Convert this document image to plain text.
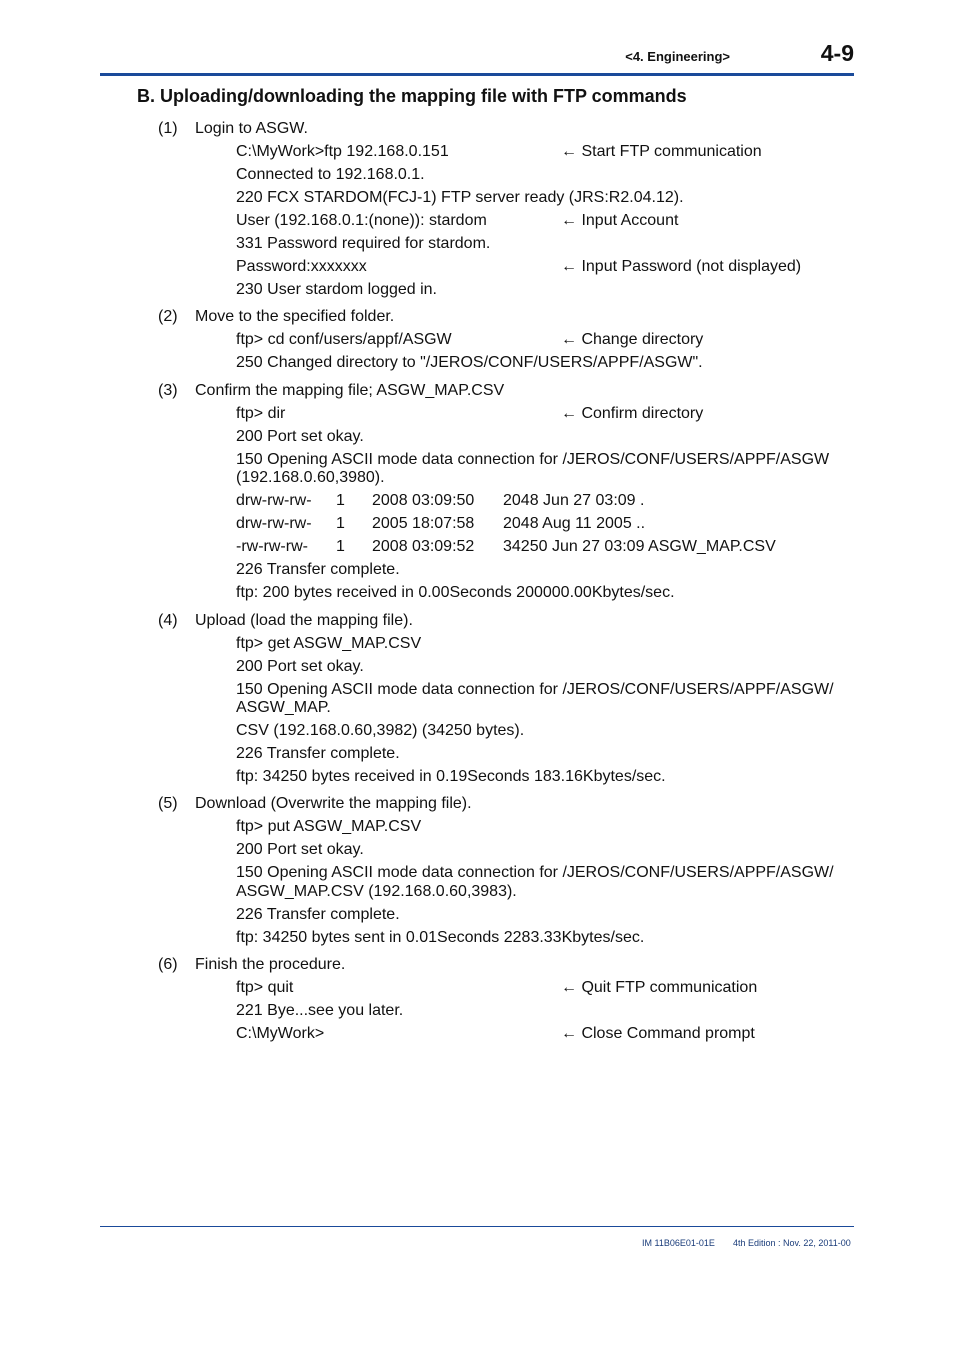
<4. Engineering>	4-9
B. Uploading/downloading the mapping file with FTP commands
(1) Login to ASGW.
C:\MyWork>ftp 192.168.0.151	← Start FTP communication
Connected to 192.168.0.1.
220 FCX STARDOM(FCJ-1) FTP server ready (JRS:R2.04.12).
User (192.168.0.1:(none)): stardom	← Input Account
331 Password required for stardom.
Password:xxxxxxx	← Input Password (not displayed)
230 User stardom logged in.
(2) Move to the specified folder.
ftp> cd conf/users/appf/ASGW	← Change directory
250 Changed directory to "/JEROS/CONF/USERS/APPF/ASGW".
(3) Confirm the mapping file; ASGW_MAP.CSV
ftp> dir	← Confirm directory
200 Port set okay.
150 Opening ASCII mode data connection for /JEROS/CONF/USERS/APPF/ASGW
(192.168.0.60,3980).
drw-rw-rw- 1 2008 03:09:50 2048 Jun 27 03:09 .
drw-rw-rw- 1 2005 18:07:58 2048 Aug 11 2005 ..
-rw-rw-rw- 1 2008 03:09:52 34250 Jun 27 03:09 ASGW_MAP.CSV
226 Transfer complete.
ftp: 200 bytes received in 0.00Seconds 200000.00Kbytes/sec.
(4) Upload (load the mapping file).
ftp> get ASGW_MAP.CSV
200 Port set okay.
150 Opening ASCII mode data connection for /JEROS/CONF/USERS/APPF/ASGW/
ASGW_MAP.
CSV (192.168.0.60,3982) (34250 bytes).
226 Transfer complete.
ftp: 34250 bytes received in 0.19Seconds 183.16Kbytes/sec.
(5) Download (Overwrite the mapping file).
ftp> put ASGW_MAP.CSV
200 Port set okay.
150 Opening ASCII mode data connection for /JEROS/CONF/USERS/APPF/ASGW/
ASGW_MAP.CSV (192.168.0.60,3983).
226 Transfer complete.
ftp: 34250 bytes sent in 0.01Seconds 2283.33Kbytes/sec.
(6) Finish the procedure.
ftp> quit	← Quit FTP communication
221 Bye...see you later.
C:\MyWork>	← Close Command prompt
IM 11B06E01-01E 4th Edition : Nov. 22, 2011-00
